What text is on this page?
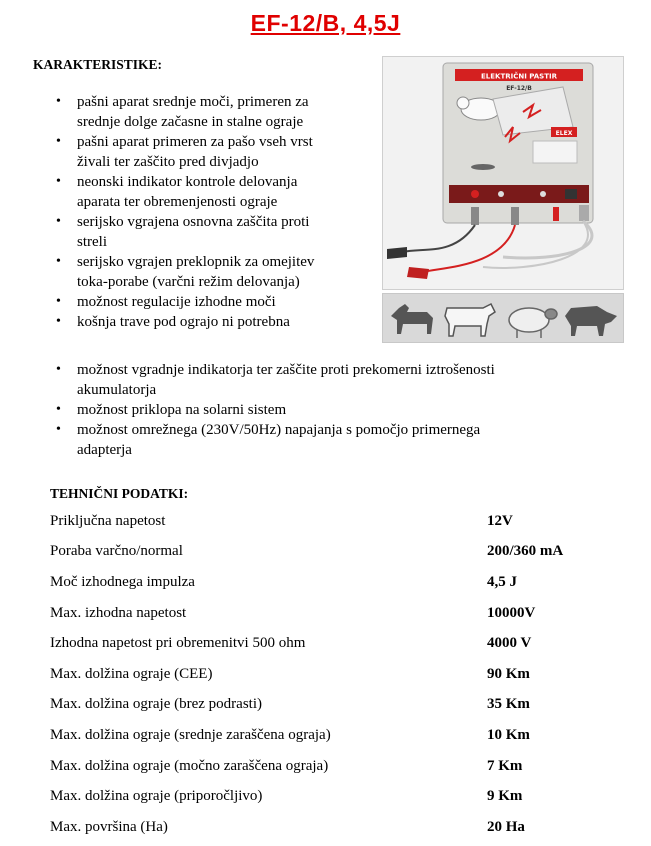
EF-12/B, 4,5J
KARAKTERISTIKE:
• pašni aparat srednje moči, primeren za
srednje dolge začasne in stalne ograje
• pašni aparat primeren za pašo vseh vrst
živali ter zaščito pred divjadjo
• neonski indikator kontrole delovanja
aparata ter obremenjenosti ograje
• serijsko vgrajena osnovna zaščita proti
streli
• serijsko vgrajen preklopnik za omejitev
toka-porabe (varčni režim delovanja)
• možnost regulacije izhodne moči
• košnja trave pod ograjo ni potrebna
ELEKTRIČNI PASTIR
EF-12/B
ELEX
• možnost vgradnje indikatorja ter zaščite proti prekomerni iztrošenosti
akumulatorja
• možnost priklopa na solarni sistem
• možnost omrežnega (230V/50Hz) napajanja s pomočjo primernega
adapterja
TEHNIČNI PODATKI:
Priključna napetost	12V
Poraba varčno/normal	200/360 mA
Moč izhodnega impulza	4,5 J
Max. izhodna napetost	10000V
Izhodna napetost pri obremenitvi 500 ohm	4000 V
Max. dolžina ograje (CEE)	90 Km
Max. dolžina ograje (brez podrasti)	35 Km
Max. dolžina ograje (srednje zaraščena ograja)	10 Km
Max. dolžina ograje (močno zaraščena ograja)	7 Km
Max. dolžina ograje (priporočljivo)	9 Km
Max. površina (Ha)	20 Ha
